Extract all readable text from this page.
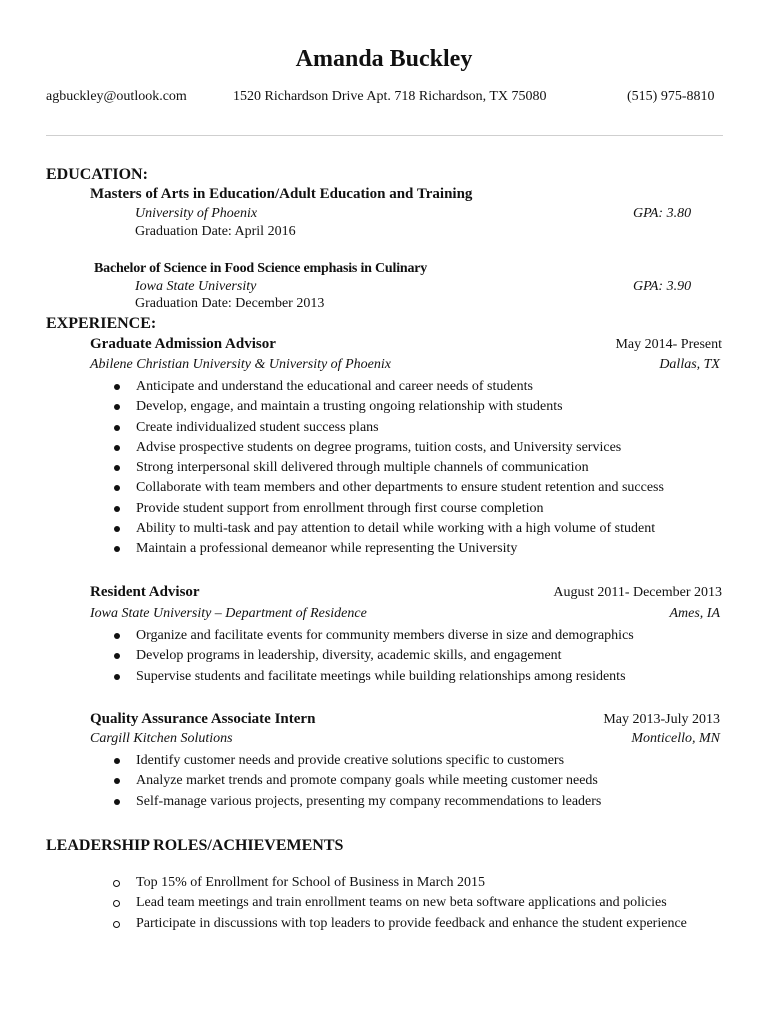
Amanda Buckley
agbuckley@outlook.com	1520 Richardson Drive Apt. 718 Richardson, TX 75080	(515) 975-8810
EDUCATION:
Masters of Arts in Education/Adult Education and Training
University of Phoenix	GPA: 3.80
Graduation Date: April 2016
Bachelor of Science in Food Science emphasis in Culinary
Iowa State University	GPA: 3.90
Graduation Date: December 2013
EXPERIENCE:
Graduate Admission Advisor	May 2014- Present
Abilene Christian University & University of Phoenix	Dallas, TX
Anticipate and understand the educational and career needs of students
Develop, engage, and maintain a trusting ongoing relationship with students
Create individualized student success plans
Advise prospective students on degree programs, tuition costs, and University services
Strong interpersonal skill delivered through multiple channels of communication
Collaborate with team members and other departments to ensure student retention and success
Provide student support from enrollment through first course completion
Ability to multi-task and pay attention to detail while working with a high volume of student
Maintain a professional demeanor while representing the University
Resident Advisor	August 2011- December 2013
Iowa State University – Department of Residence	Ames, IA
Organize and facilitate events for community members diverse in size and demographics
Develop programs in leadership, diversity, academic skills, and engagement
Supervise students and facilitate meetings while building relationships among residents
Quality Assurance Associate Intern	May 2013-July 2013
Cargill Kitchen Solutions	Monticello, MN
Identify customer needs and provide creative solutions specific to customers
Analyze market trends and promote company goals while meeting customer needs
Self-manage various projects, presenting my company recommendations to leaders
LEADERSHIP ROLES/ACHIEVEMENTS
Top 15% of Enrollment for School of Business in March 2015
Lead team meetings and train enrollment teams on new beta software applications and policies
Participate in discussions with top leaders to provide feedback and enhance the student experience
